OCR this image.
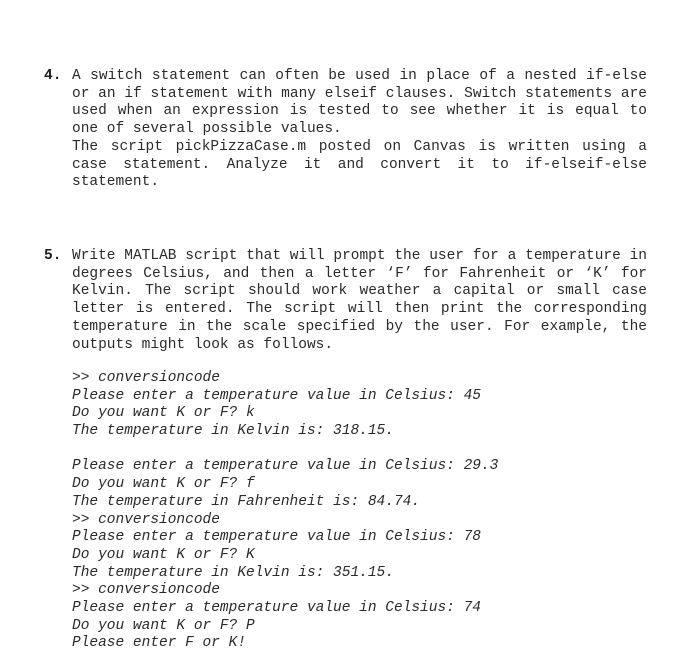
4. A switch statement can often be used in place of a nested if-else or an if statement with many elseif clauses. Switch statements are used when an expression is tested to see whether it is equal to one of several possible values.

The script pickPizzaCase.m posted on Canvas is written using a case statement. Analyze it and convert it to if-elseif-else statement.

5. Write MATLAB script that will prompt the user for a temperature in degrees Celsius, and then a letter ‘F’ for Fahrenheit or ‘K’ for Kelvin. The script should work weather a capital or small case letter is entered. The script will then print the corresponding temperature in the scale specified by the user. For example, the outputs might look as follows.

>> conversioncode
Please enter a temperature value in Celsius: 45
Do you want K or F? k
The temperature in Kelvin is: 318.15.
Please enter a temperature value in Celsius: 29.3
Do you want K or F? f
The temperature in Fahrenheit is: 84.74.
>> conversioncode
Please enter a temperature value in Celsius: 78
Do you want K or F? K
The temperature in Kelvin is: 351.15.
>> conversioncode
Please enter a temperature value in Celsius: 74
Do you want K or F? P
Please enter F or K!
